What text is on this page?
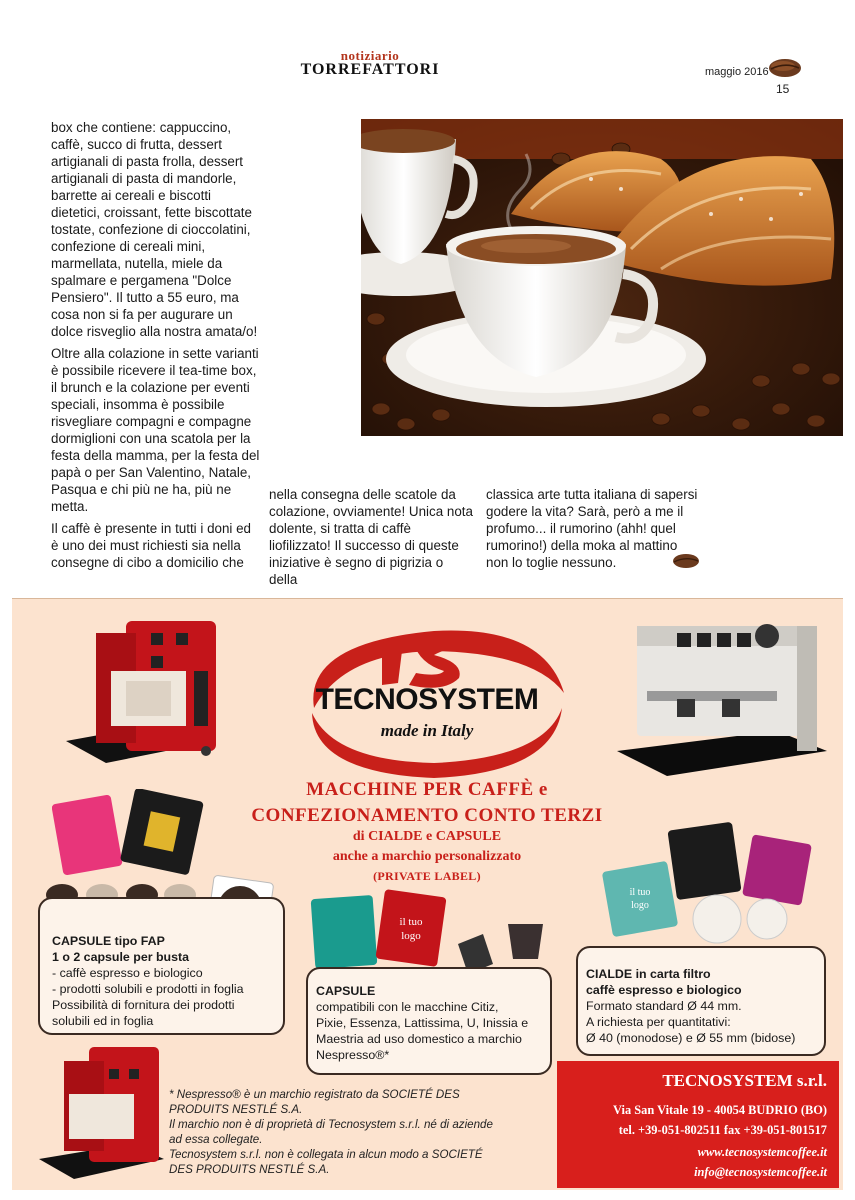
notiziario
TORREFATTORI	maggio 2016
15

box che contiene: cappuccino, caffè, succo di frutta, dessert artigianali di pasta frolla, dessert artigianali di pasta di mandorle, barrette ai cereali e biscotti dietetici, croissant, fette biscottate tostate, confezione di cioccolatini, confezione di cereali mini, marmellata, nutella, miele da spalmare e pergamena "Dolce Pensiero". Il tutto a 55 euro, ma cosa non si fa per augurare un dolce risveglio alla nostra amata/o!

Oltre alla colazione in sette varianti è possibile ricevere il tea-time box, il brunch e la colazione per eventi speciali, insomma è possibile risvegliare compagni e compagne dormiglioni con una scatola per la festa della mamma, per la festa del papà o per San Valentino, Natale, Pasqua e chi più ne ha, più ne metta.

Il caffè è presente in tutti i doni ed è uno dei must richiesti sia nella consegne di cibo a domicilio che

nella consegna delle scatole da colazione, ovviamente! Unica nota dolente, si tratta di caffè liofilizzato! Il successo di queste iniziative è segno di pigrizia o della

classica arte tutta italiana di sapersi godere la vita? Sarà, però a me il profumo... il rumorino (ahh! quel rumorino!) della moka al mattino non lo toglie nessuno.

TECNOSYSTEM
made in Italy
MACCHINE PER CAFFÈ e
CONFEZIONAMENTO CONTO TERZI
di CIALDE e CAPSULE
anche a marchio personalizzato
(PRIVATE LABEL)
il tuo
logo
il tuo
logo
CAPSULE tipo FAP
1 o 2 capsule per busta
- caffè espresso e biologico
- prodotti solubili e prodotti in foglia
Possibilità di fornitura dei prodotti
solubili ed in foglia
CAPSULE
compatibili con le macchine Citiz,
Pixie, Essenza, Lattissima, U, Inissia e
Maestria ad uso domestico a marchio
Nespresso®*
CIALDE in carta filtro
caffè espresso e biologico
Formato standard Ø 44 mm.
A richiesta per quantitativi:
Ø 40 (monodose) e Ø 55 mm (bidose)
* Nespresso® è un marchio registrato da SOCIETÉ DES
PRODUITS NESTLÉ S.A.
Il marchio non è di proprietà di Tecnosystem s.r.l. né di aziende
ad essa collegate.
Tecnosystem s.r.l. non è collegata in alcun modo a SOCIETÉ
DES PRODUITS NESTLÉ S.A.
TECNOSYSTEM s.r.l.
Via San Vitale 19 - 40054 BUDRIO (BO)
tel. +39-051-802511 fax +39-051-801517
www.tecnosystemcoffee.it
info@tecnosystemcoffee.it
